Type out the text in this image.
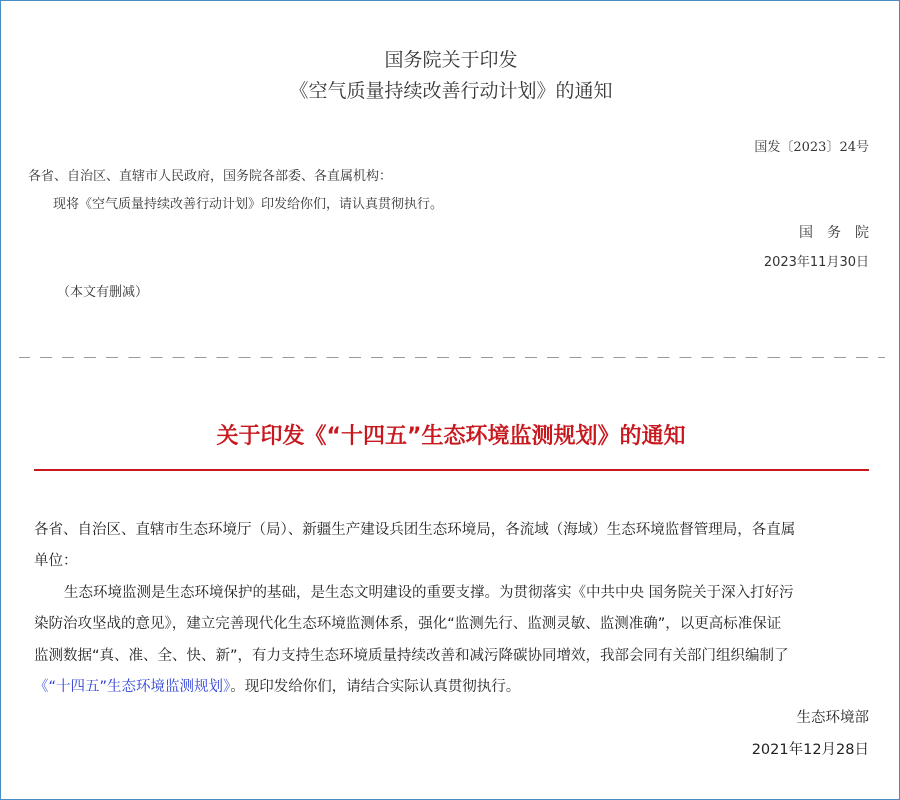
国务院关于印发
《空气质量持续改善行动计划》的通知
国发〔2023〕24号
各省、自治区、直辖市人民政府，国务院各部委、各直属机构：
现将《空气质量持续改善行动计划》印发给你们，请认真贯彻执行。
国　务　院
2023年11月30日
（本文有删减）
关于印发《“十四五”生态环境监测规划》的通知
各省、自治区、直辖市生态环境厅（局）、新疆生产建设兵团生态环境局，各流域（海域）生态环境监督管理局，各直属
单位：
生态环境监测是生态环境保护的基础，是生态文明建设的重要支撑。为贯彻落实《中共中央 国务院关于深入打好污
染防治攻坚战的意见》，建立完善现代化生态环境监测体系，强化“监测先行、监测灵敏、监测准确”，以更高标准保证
监测数据“真、准、全、快、新”，有力支持生态环境质量持续改善和减污降碳协同增效，我部会同有关部门组织编制了
《“十四五”生态环境监测规划》。现印发给你们，请结合实际认真贯彻执行。
生态环境部
2021年12月28日
